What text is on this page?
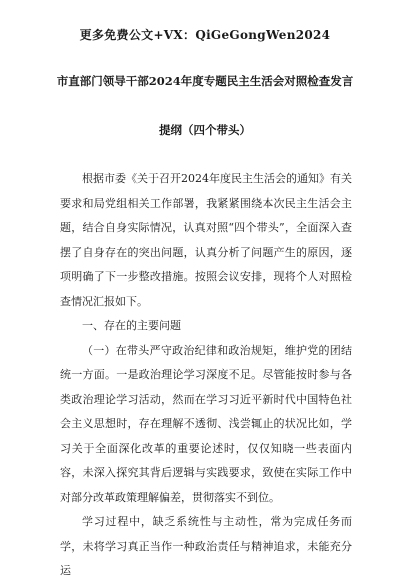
更多免费公文+VX：QiGeGongWen2024
市直部门领导干部2024年度专题民主生活会对照检查发言
提纲（四个带头）

根据市委《关于召开2024年度民主生活会的通知》有关要求和局党组相关工作部署，我紧紧围绕本次民主生活会主题，结合自身实际情况，认真对照“四个带头”，全面深入查摆了自身存在的突出问题，认真分析了问题产生的原因，逐项明确了下一步整改措施。按照会议安排，现将个人对照检查情况汇报如下。

一、存在的主要问题

（一）在带头严守政治纪律和政治规矩，维护党的团结统一方面。一是政治理论学习深度不足。尽管能按时参与各类政治理论学习活动，然而在学习习近平新时代中国特色社会主义思想时，存在理解不透彻、浅尝辄止的状况比如，学习关于全面深化改革的重要论述时，仅仅知晓一些表面内容，未深入探究其背后逻辑与实践要求，致使在实际工作中对部分改革政策理解偏差，贯彻落实不到位。

学习过程中，缺乏系统性与主动性，常为完成任务而学，未将学习真正当作一种政治责任与精神追求，未能充分运
